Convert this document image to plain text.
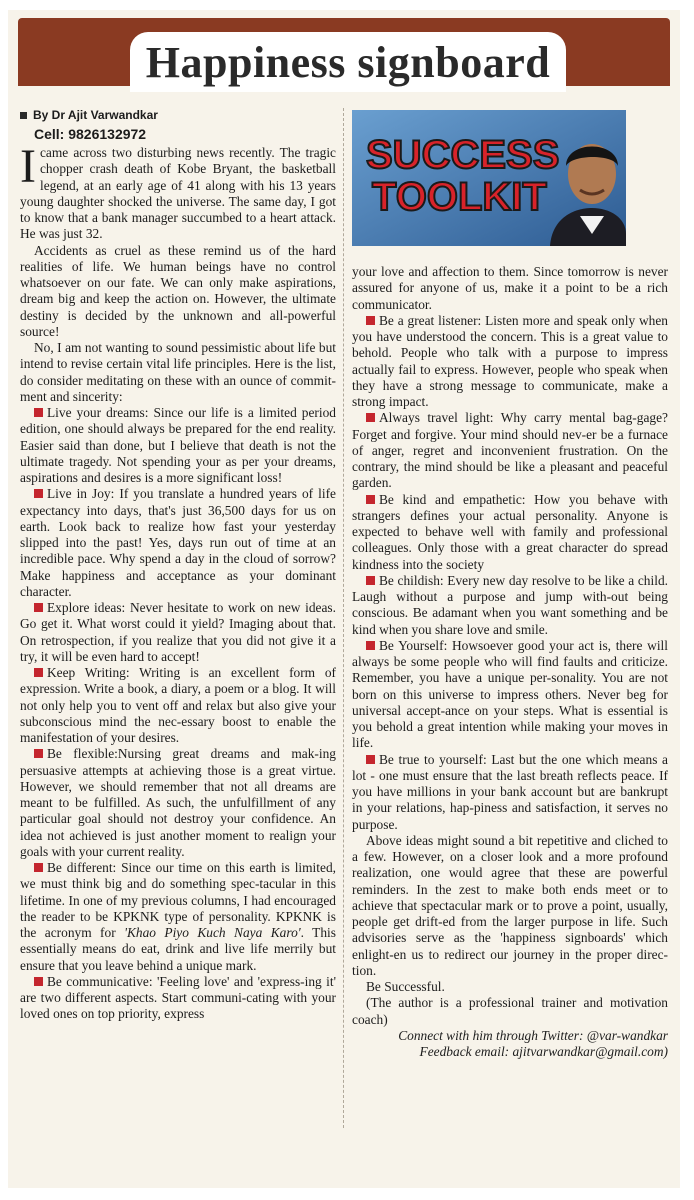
Happiness signboard
By Dr Ajit Varwandkar
Cell: 9826132972

Icame across two disturbing news recently. The tragic chopper crash death of Kobe Bryant, the basketball legend, at an early age of 41 along with his 13 years young daughter shocked the universe. The same day, I got to know that a bank manager succumbed to a heart attack. He was just 32.

Accidents as cruel as these remind us of the hard realities of life. We human beings have no control whatsoever on our fate. We can only make aspirations, dream big and keep the action on. However, the ultimate destiny is decided by the unknown and all-powerful source!

No, I am not wanting to sound pessimistic about life but intend to revise certain vital life principles. Here is the list, do consider meditating on these with an ounce of commit-ment and sincerity:

Live your dreams: Since our life is a limited period edition, one should always be prepared for the end reality. Easier said than done, but I believe that death is not the ultimate tragedy. Not spending your as per your dreams, aspirations and desires is a more significant loss!

Live in Joy: If you translate a hundred years of life expectancy into days, that's just 36,500 days for us on earth. Look back to realize how fast your yesterday slipped into the past! Yes, days run out of time at an incredible pace. Why spend a day in the cloud of sorrow? Make happiness and acceptance as your dominant character.

Explore ideas: Never hesitate to work on new ideas. Go get it. What worst could it yield? Imaging about that. On retrospection, if you realize that you did not give it a try, it will be even hard to accept!

Keep Writing: Writing is an excellent form of expression. Write a book, a diary, a poem or a blog. It will not only help you to vent off and relax but also give your subconscious mind the nec-essary boost to enable the manifestation of your desires.

Be flexible:Nursing great dreams and mak-ing persuasive attempts at achieving those is a great virtue. However, we should remember that not all dreams are meant to be fulfilled. As such, the unfulfillment of any particular goal should not destroy your confidence. An idea not achieved is just another moment to realign your goals with your current reality.

Be different: Since our time on this earth is limited, we must think big and do something spec-tacular in this lifetime. In one of my previous columns, I had encouraged the reader to be KPKNK type of personality. KPKNK is the acronym for 'Khao Piyo Kuch Naya Karo'. This essentially means do eat, drink and live life merrily but ensure that you leave behind a unique mark.

Be communicative: 'Feeling love' and 'express-ing it' are two different aspects. Start communi-cating with your loved ones on top priority, express

SUCCESS
TOOLKIT

your love and affection to them. Since tomorrow is never assured for anyone of us, make it a point to be a rich communicator.

Be a great listener: Listen more and speak only when you have understood the concern. This is a great value to behold. People who talk with a purpose to impress actually fail to express. However, people who speak when they have a strong message to communicate, make a strong impact.

Always travel light: Why carry mental bag-gage? Forget and forgive. Your mind should nev-er be a furnace of anger, regret and inconvenient frustration. On the contrary, the mind should be like a pleasant and peaceful garden.

Be kind and empathetic: How you behave with strangers defines your actual personality. Anyone is expected to behave well with family and professional colleagues. Only those with a great character do spread kindness into the society

Be childish: Every new day resolve to be like a child. Laugh without a purpose and jump with-out being conscious. Be adamant when you want something and be kind when you share love and smile.

Be Yourself: Howsoever good your act is, there will always be some people who will find faults and criticize. Remember, you have a unique per-sonality. You are not born on this universe to impress others. Never beg for universal accept-ance on your steps. What is essential is you behold a great intention while making your moves in life.

Be true to yourself: Last but the one which means a lot - one must ensure that the last breath reflects peace. If you have millions in your bank account but are bankrupt in your relations, hap-piness and satisfaction, it serves no purpose.

Above ideas might sound a bit repetitive and cliched to a few. However, on a closer look and a more profound realization, one would agree that these are powerful reminders. In the zest to make both ends meet or to achieve that spectacular mark or to prove a point, usually, people get drift-ed from the larger purpose in life. Such advisories serve as the 'happiness signboards' which enlight-en us to redirect our journey in the proper direc-tion.

Be Successful.

(The author is a professional trainer and motivation coach)

Connect with him through Twitter: @var-wandkar Feedback email: ajitvarwandkar@gmail.com)
